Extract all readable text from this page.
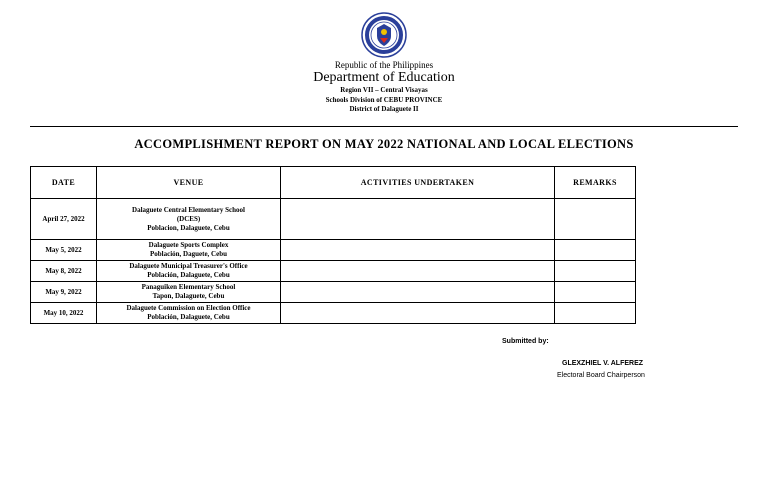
Republic of the Philippines
Department of Education
Region VII – Central Visayas
Schools Division of CEBU PROVINCE
District of Dalaguete II
ACCOMPLISHMENT REPORT ON MAY 2022 NATIONAL AND LOCAL ELECTIONS
DATE	VENUE	ACTIVITIES UNDERTAKEN	REMARKS
April 27, 2022	Dalaguete Central Elementary School
(DCES)
Poblacion, Dalaguete, Cebu		

May 5, 2022	Dalaguete Sports Complex
Población, Daguete, Cebu		

May 8, 2022	Dalaguete Municipal Treasurer's Office
Población, Dalaguete, Cebu		

May 9, 2022	Panaguiken Elementary School
Tapon, Dalaguete, Cebu		

May 10, 2022	Dalaguete Commission on Election Office
Población, Dalaguete, Cebu		

Submitted by:
GLEXZHIEL V. ALFEREZ
Electoral Board Chairperson
